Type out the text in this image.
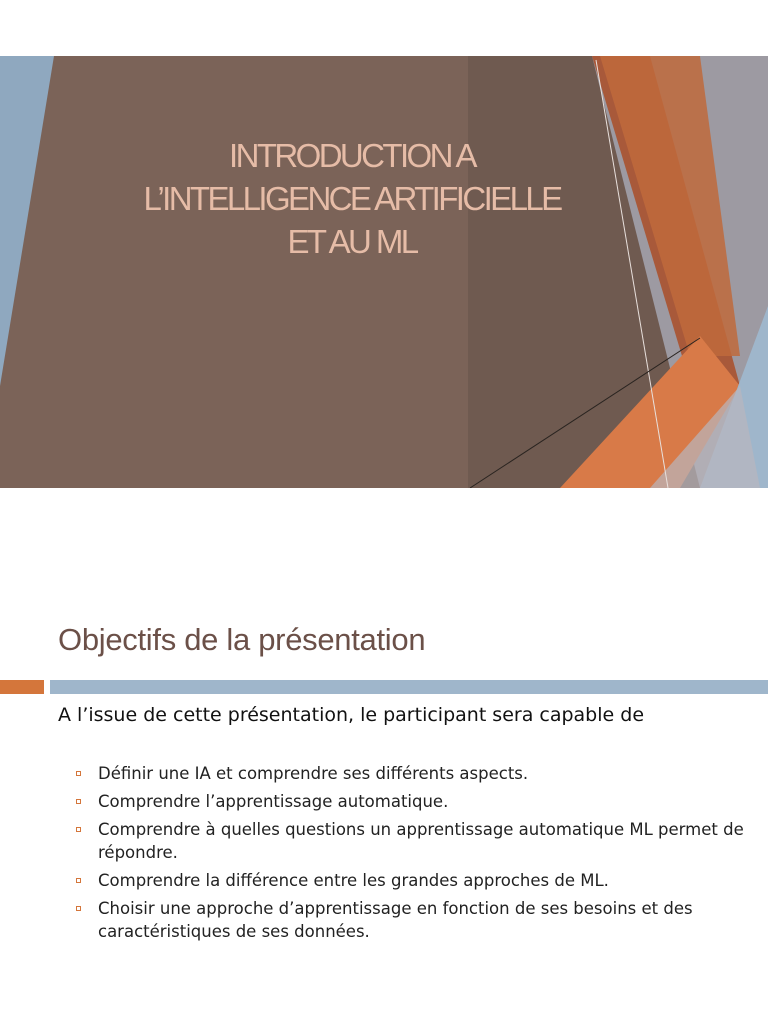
INTRODUCTION A
L’INTELLIGENCE ARTIFICIELLE
ET AU ML
Objectifs de la présentation

A l’issue de cette présentation, le participant sera capable de

Définir une IA et comprendre ses différents aspects.
Comprendre l’apprentissage automatique.
Comprendre à quelles questions un apprentissage automatique ML permet de répondre.
Comprendre la différence entre les grandes approches de ML.
Choisir une approche d’apprentissage en fonction de ses besoins et des caractéristiques de ses données.
